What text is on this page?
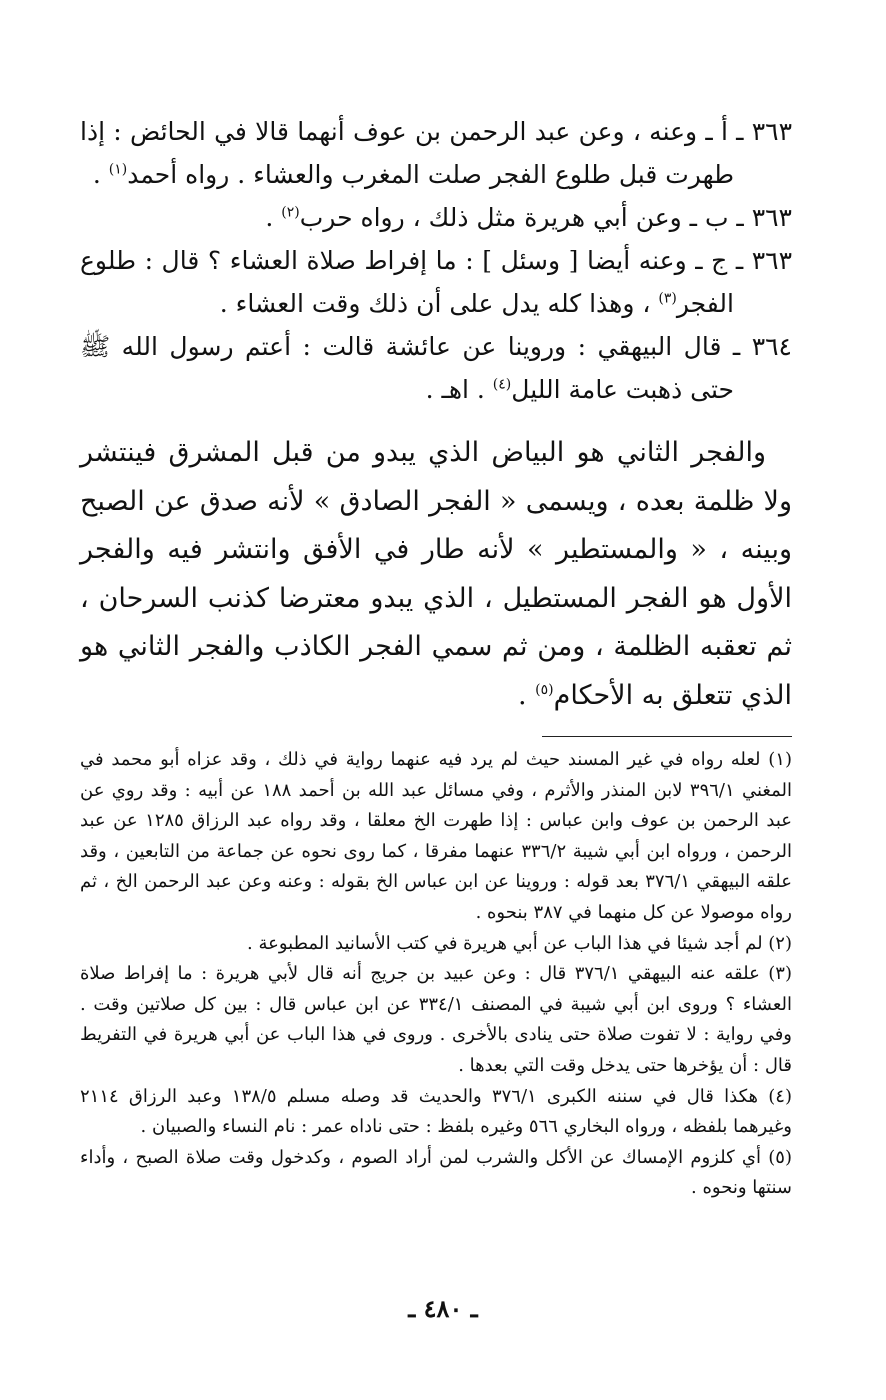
٣٦٣ ـ أ ـ وعنه ، وعن عبد الرحمن بن عوف أنهما قالا في الحائض : إذا طهرت قبل طلوع الفجر صلت المغرب والعشاء . رواه أحمد$^{(١)}$ .

٣٦٣ ـ ب ـ وعن أبي هريرة مثل ذلك ، رواه حرب$^{(٢)}$ .

٣٦٣ ـ ج ـ وعنه أيضا [ وسئل ] : ما إفراط صلاة العشاء ؟ قال : طلوع الفجر$^{(٣)}$ ، وهذا كله يدل على أن ذلك وقت العشاء .

٣٦٤ ـ قال البيهقي : وروينا عن عائشة قالت : أعتم رسول الله ﷺ حتى ذهبت عامة الليل$^{(٤)}$ . اهـ .

والفجر الثاني هو البياض الذي يبدو من قبل المشرق فينتشر ولا ظلمة بعده ، ويسمى « الفجر الصادق » لأنه صدق عن الصبح وبينه ، « والمستطير » لأنه طار في الأفق وانتشر فيه والفجر الأول هو الفجر المستطيل ، الذي يبدو معترضا كذنب السرحان ، ثم تعقبه الظلمة ، ومن ثم سمي الفجر الكاذب والفجر الثاني هو الذي تتعلق به الأحكام$^{(٥)}$ .

(١) لعله رواه في غير المسند حيث لم يرد فيه عنهما رواية في ذلك ، وقد عزاه أبو محمد في المغني ٣٩٦/١ لابن المنذر والأثرم ، وفي مسائل عبد الله بن أحمد ١٨٨ عن أبيه : وقد روي عن عبد الرحمن بن عوف وابن عباس : إذا طهرت الخ معلقا ، وقد رواه عبد الرزاق ١٢٨٥ عن عبد الرحمن ، ورواه ابن أبي شيبة ٣٣٦/٢ عنهما مفرقا ، كما روى نحوه عن جماعة من التابعين ، وقد علقه البيهقي ٣٧٦/١ بعد قوله : وروينا عن ابن عباس الخ بقوله : وعنه وعن عبد الرحمن الخ ، ثم رواه موصولا عن كل منهما في ٣٨٧ بنحوه .

(٢) لم أجد شيئا في هذا الباب عن أبي هريرة في كتب الأسانيد المطبوعة .

(٣) علقه عنه البيهقي ٣٧٦/١ قال : وعن عبيد بن جريج أنه قال لأبي هريرة : ما إفراط صلاة العشاء ؟ وروى ابن أبي شيبة في المصنف ٣٣٤/١ عن ابن عباس قال : بين كل صلاتين وقت . وفي رواية : لا تفوت صلاة حتى ينادى بالأخرى . وروى في هذا الباب عن أبي هريرة في التفريط قال : أن يؤخرها حتى يدخل وقت التي بعدها .

(٤) هكذا قال في سننه الكبرى ٣٧٦/١ والحديث قد وصله مسلم ١٣٨/٥ وعبد الرزاق ٢١١٤ وغيرهما بلفظه ، ورواه البخاري ٥٦٦ وغيره بلفظ : حتى ناداه عمر : نام النساء والصبيان .

(٥) أي كلزوم الإمساك عن الأكل والشرب لمن أراد الصوم ، وكدخول وقت صلاة الصبح ، وأداء سنتها ونحوه .

ـ ٤٨٠ ـ
